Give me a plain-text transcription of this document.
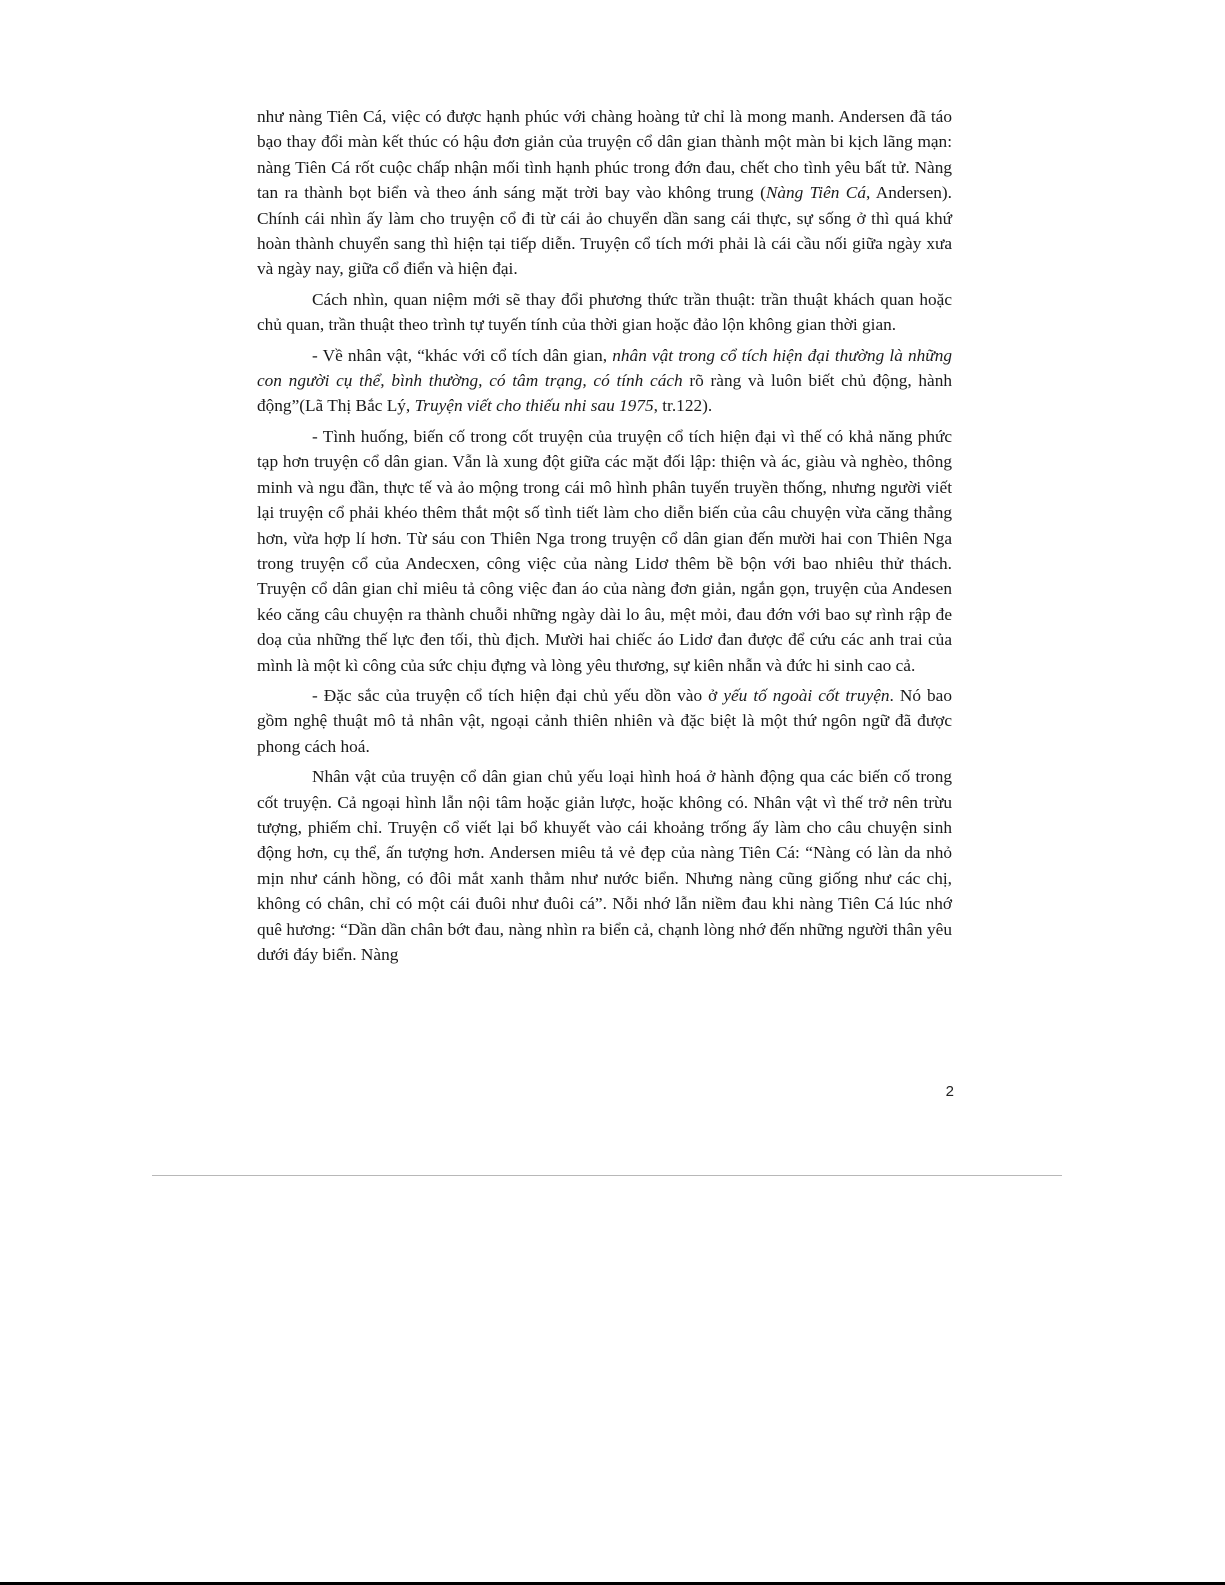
như nàng Tiên Cá, việc có được hạnh phúc với chàng hoàng tử chỉ là mong manh. Andersen đã táo bạo thay đổi màn kết thúc có hậu đơn giản của truyện cổ dân gian thành một màn bi kịch lãng mạn: nàng Tiên Cá rốt cuộc chấp nhận mối tình hạnh phúc trong đớn đau, chết cho tình yêu bất tử. Nàng tan ra thành bọt biển và theo ánh sáng mặt trời bay vào không trung (Nàng Tiên Cá, Andersen). Chính cái nhìn ấy làm cho truyện cổ đi từ cái ảo chuyển dần sang cái thực, sự sống ở thì quá khứ hoàn thành chuyển sang thì hiện tại tiếp diễn. Truyện cổ tích mới phải là cái cầu nối giữa ngày xưa và ngày nay, giữa cổ điển và hiện đại.

Cách nhìn, quan niệm mới sẽ thay đổi phương thức trần thuật: trần thuật khách quan hoặc chủ quan, trần thuật theo trình tự tuyến tính của thời gian hoặc đảo lộn không gian thời gian.

- Về nhân vật, “khác với cổ tích dân gian, nhân vật trong cổ tích hiện đại thường là những con người cụ thể, bình thường, có tâm trạng, có tính cách rõ ràng và luôn biết chủ động, hành động”(Lã Thị Bắc Lý, Truyện viết cho thiếu nhi sau 1975, tr.122).

- Tình huống, biến cố trong cốt truyện của truyện cổ tích hiện đại vì thế có khả năng phức tạp hơn truyện cổ dân gian. Vẫn là xung đột giữa các mặt đối lập: thiện và ác, giàu và nghèo, thông minh và ngu đần, thực tế và ảo mộng trong cái mô hình phân tuyến truyền thống, nhưng người viết lại truyện cổ phải khéo thêm thắt một số tình tiết làm cho diễn biến của câu chuyện vừa căng thẳng hơn, vừa hợp lí hơn. Từ sáu con Thiên Nga trong truyện cổ dân gian đến mười hai con Thiên Nga trong truyện cổ của Andecxen, công việc của nàng Lidơ thêm bề bộn với bao nhiêu thử thách. Truyện cổ dân gian chỉ miêu tả công việc đan áo của nàng đơn giản, ngắn gọn, truyện của Andesen kéo căng câu chuyện ra thành chuỗi những ngày dài lo âu, mệt mỏi, đau đớn với bao sự rình rập đe doạ của những thế lực đen tối, thù địch. Mười hai chiếc áo Lidơ đan được để cứu các anh trai của mình là một kì công của sức chịu đựng và lòng yêu thương, sự kiên nhẫn và đức hi sinh cao cả.

- Đặc sắc của truyện cổ tích hiện đại chủ yếu dồn vào ở yếu tố ngoài cốt truyện. Nó bao gồm nghệ thuật mô tả nhân vật, ngoại cảnh thiên nhiên và đặc biệt là một thứ ngôn ngữ đã được phong cách hoá.

Nhân vật của truyện cổ dân gian chủ yếu loại hình hoá ở hành động qua các biến cố trong cốt truyện. Cả ngoại hình lẫn nội tâm hoặc giản lược, hoặc không có. Nhân vật vì thế trở nên trừu tượng, phiếm chỉ. Truyện cổ viết lại bổ khuyết vào cái khoảng trống ấy làm cho câu chuyện sinh động hơn, cụ thể, ấn tượng hơn. Andersen miêu tả vẻ đẹp của nàng Tiên Cá: “Nàng có làn da nhỏ mịn như cánh hồng, có đôi mắt xanh thẳm như nước biển. Nhưng nàng cũng giống như các chị, không có chân, chỉ có một cái đuôi như đuôi cá”. Nỗi nhớ lẫn niềm đau khi nàng Tiên Cá lúc nhớ quê hương: “Dần dần chân bớt đau, nàng nhìn ra biển cả, chạnh lòng nhớ đến những người thân yêu dưới đáy biển. Nàng

2
